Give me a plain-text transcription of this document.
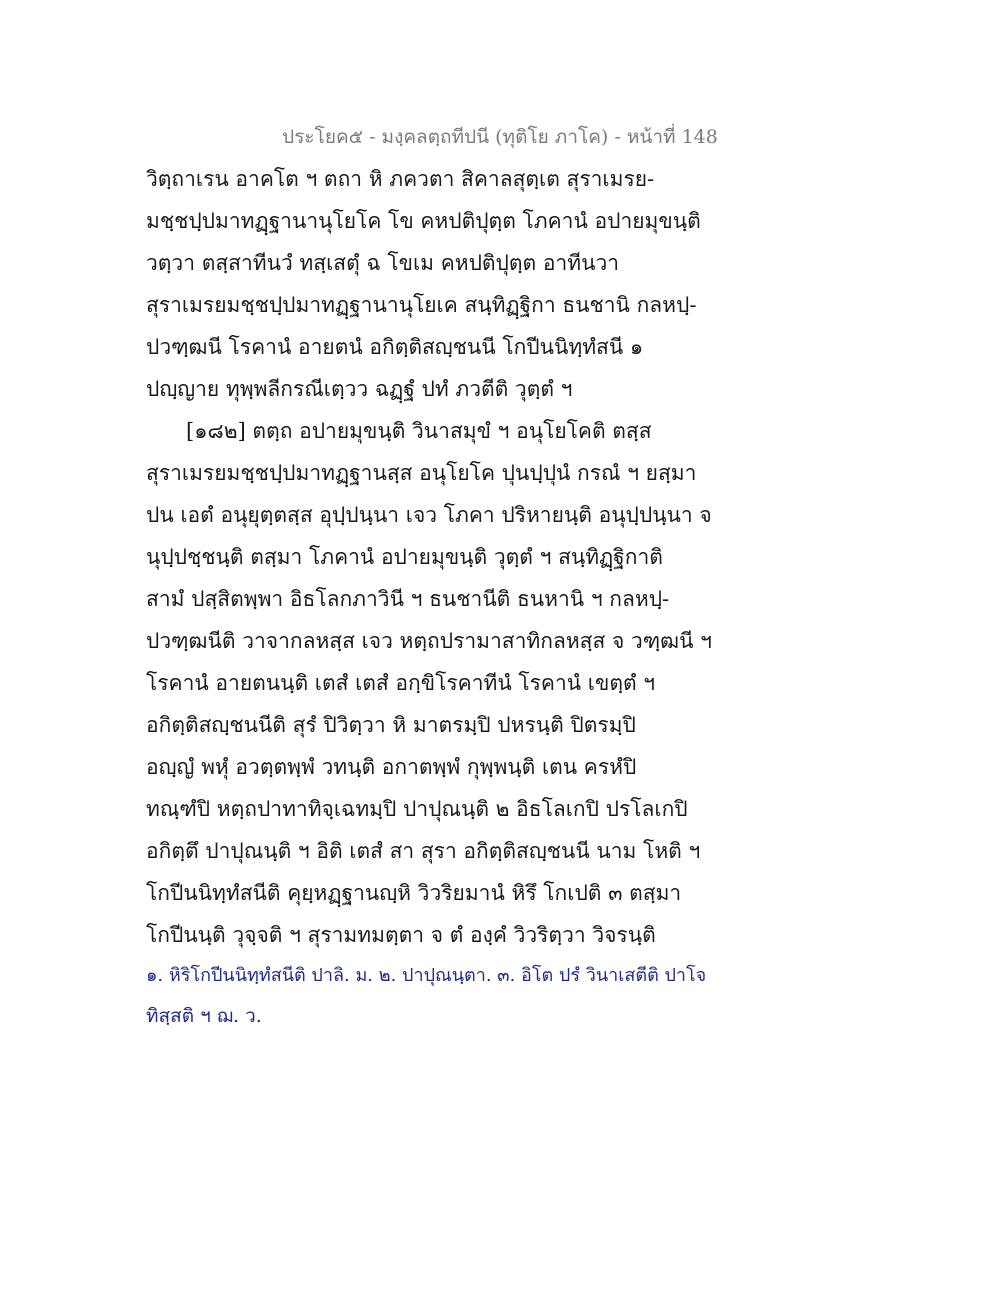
ประโยค๕ - มงฺคลตฺถทีปนี (ทุติโย ภาโค) - หน้าที่ 148
วิตฺถาเรน อาคโต ฯ ตถา หิ ภควตา สิคาลสุตฺเต สุราเมรย-
มชฺชปฺปมาทฏฺฐานานุโยโค โข คหปติปุตฺต โภคานํ อปายมุขนฺติ
วตฺวา ตสฺสาทีนวํ ทสฺเสตุํ ฉ โขเม คหปติปุตฺต อาทีนวา
สุราเมรยมชฺชปฺปมาทฏฺฐานานุโยเค สนฺทิฏฺฐิกา ธนชานิ กลหปฺ-
ปวฑฺฒนี โรคานํ อายตนํ อกิตฺติสญฺชนนี โกปีนนิทฺทํสนี ๑
ปญฺญาย ทุพฺพลีกรณีเตฺวว ฉฏฺฐํ ปทํ ภวตีติ วุตฺตํ ฯ
[๑๘๒] ตตฺถ อปายมุขนฺติ วินาสมุขํ ฯ อนุโยโคติ ตสฺส
สุราเมรยมชฺชปฺปมาทฏฺฐานสฺส อนุโยโค ปุนปฺปุนํ กรณํ ฯ ยสฺมา
ปน เอตํ อนุยุตฺตสฺส อุปฺปนฺนา เจว โภคา ปริหายนฺติ อนุปฺปนฺนา จ
นุปฺปชฺชนฺติ ตสฺมา โภคานํ อปายมุขนฺติ วุตฺตํ ฯ สนฺทิฏฺฐิกาติ
สามํ ปสฺสิตพฺพา อิธโลกภาวินี ฯ ธนชานีติ ธนหานิ ฯ กลหปฺ-
ปวฑฺฒนีติ วาจากลหสฺส เจว หตฺถปรามาสาทิกลหสฺส จ วฑฺฒนี ฯ
โรคานํ อายตนนฺติ เตสํ เตสํ อกฺขิโรคาทีนํ โรคานํ เขตฺตํ ฯ
อกิตฺติสญฺชนนีติ สุรํ ปิวิตฺวา หิ มาตรมฺปิ ปหรนฺติ ปิตรมฺปิ
อญฺญํ พหุํ อวตฺตพฺพํ วทนฺติ อกาตพฺพํ กุพฺพนฺติ เตน ครหํปิ
ทณฺฑํปิ หตฺถปาทาทิจฺเฉทมฺปิ ปาปุณนฺติ ๒ อิธโลเกปิ ปรโลเกปิ
อกิตฺตึ ปาปุณนฺติ ฯ อิติ เตสํ สา สุรา อกิตฺติสญฺชนนี นาม โหติ ฯ
โกปีนนิทฺทํสนีติ คุยฺหฏฺฐานญฺหิ วิวริยมานํ หิรึ โกเปติ ๓ ตสฺมา
โกปีนนฺติ วุจฺจติ ฯ สุรามทมตฺตา จ ตํ องฺคํ วิวริตฺวา วิจรนฺติ
๑. หิริโกปีนนิทฺทํสนีติ ปาลิ. ม. ๒. ปาปุณนฺตา. ๓. อิโต ปรํ วินาเสตีติ ปาโจ
ทิสฺสติ ฯ ฌ. ว.
